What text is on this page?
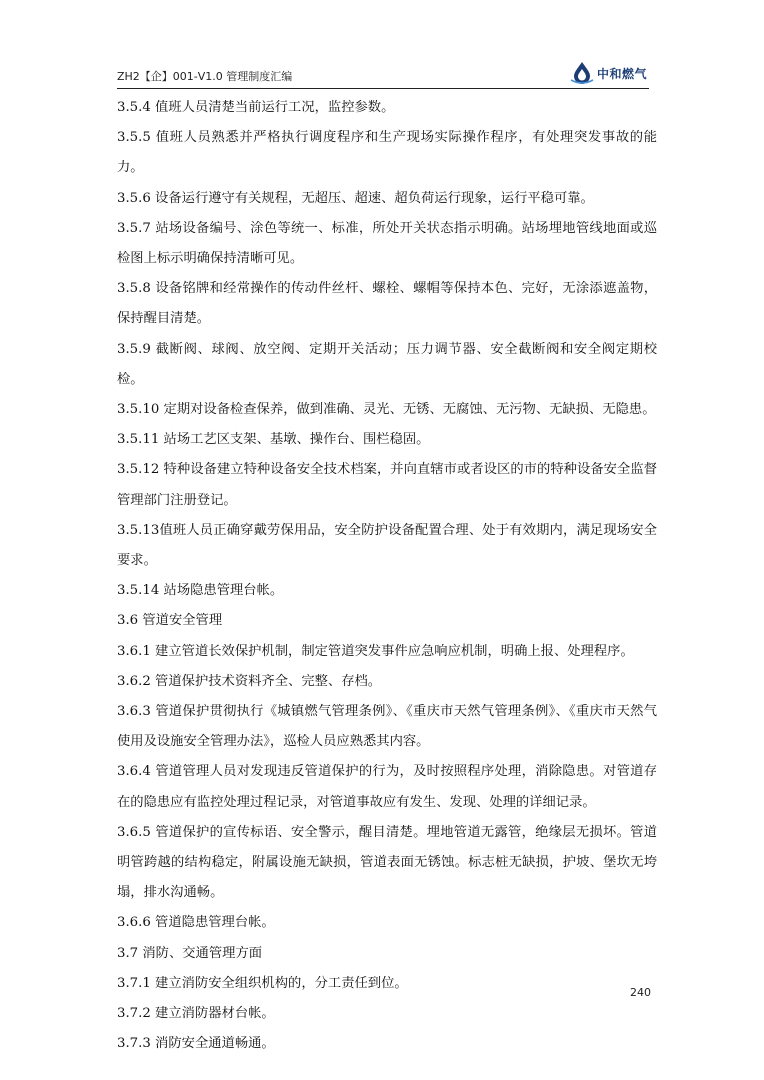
ZH2【企】001-V1.0 管理制度汇编	中和燃气

3.5.4 值班人员清楚当前运行工况，监控参数。

3.5.5 值班人员熟悉并严格执行调度程序和生产现场实际操作程序，有处理突发事故的能力。

3.5.6 设备运行遵守有关规程，无超压、超速、超负荷运行现象，运行平稳可靠。

3.5.7 站场设备编号、涂色等统一、标准，所处开关状态指示明确。站场埋地管线地面或巡检图上标示明确保持清晰可见。

3.5.8 设备铭牌和经常操作的传动件丝杆、螺栓、螺帽等保持本色、完好，无涂添遮盖物，保持醒目清楚。

3.5.9 截断阀、球阀、放空阀、定期开关活动；压力调节器、安全截断阀和安全阀定期校检。

3.5.10 定期对设备检查保养，做到准确、灵光、无锈、无腐蚀、无污物、无缺损、无隐患。

3.5.11 站场工艺区支架、基墩、操作台、围栏稳固。

3.5.12 特种设备建立特种设备安全技术档案，并向直辖市或者设区的市的特种设备安全监督管理部门注册登记。

3.5.13值班人员正确穿戴劳保用品，安全防护设备配置合理、处于有效期内，满足现场安全要求。

3.5.14 站场隐患管理台帐。

3.6 管道安全管理

3.6.1 建立管道长效保护机制，制定管道突发事件应急响应机制，明确上报、处理程序。

3.6.2 管道保护技术资料齐全、完整、存档。

3.6.3 管道保护贯彻执行《城镇燃气管理条例》、《重庆市天然气管理条例》、《重庆市天然气使用及设施安全管理办法》，巡检人员应熟悉其内容。

3.6.4 管道管理人员对发现违反管道保护的行为，及时按照程序处理，消除隐患。对管道存在的隐患应有监控处理过程记录，对管道事故应有发生、发现、处理的详细记录。

3.6.5 管道保护的宣传标语、安全警示，醒目清楚。埋地管道无露管，绝缘层无损坏。管道明管跨越的结构稳定，附属设施无缺损，管道表面无锈蚀。标志桩无缺损，护坡、堡坎无垮塌，排水沟通畅。

3.6.6 管道隐患管理台帐。

3.7 消防、交通管理方面

3.7.1 建立消防安全组织机构的，分工责任到位。

3.7.2 建立消防器材台帐。

3.7.3 消防安全通道畅通。

240
